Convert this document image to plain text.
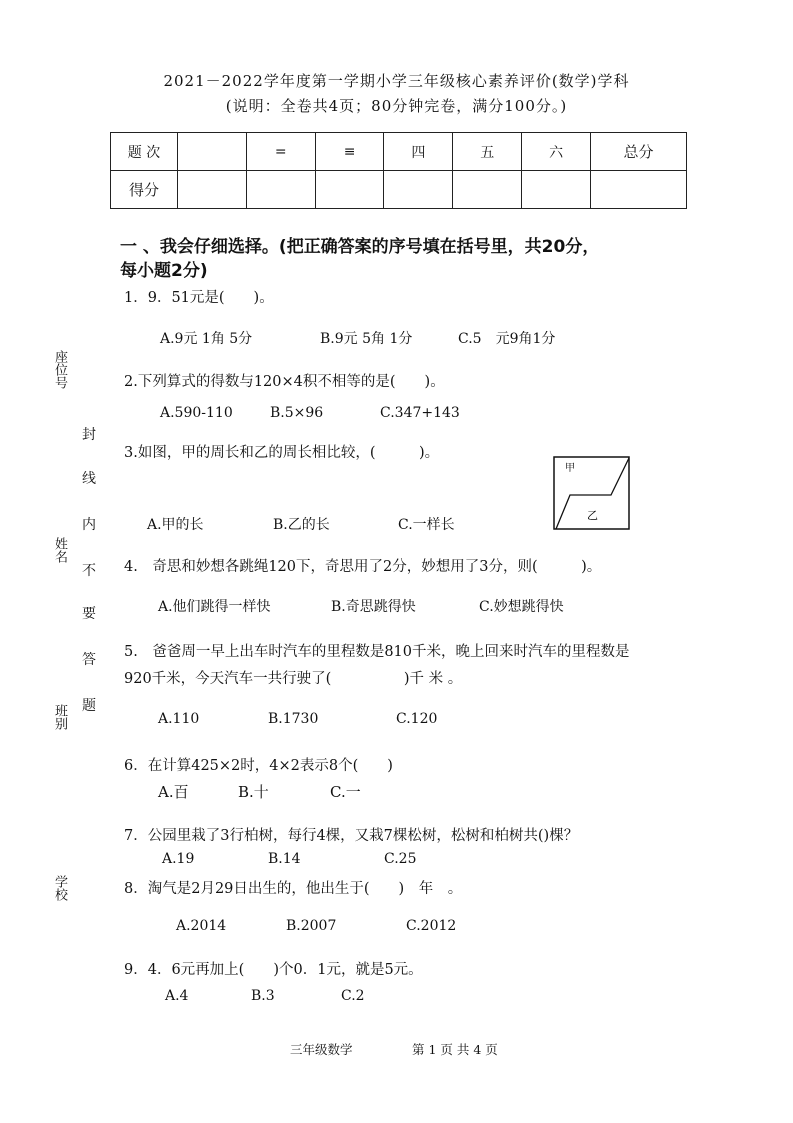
2021－2022学年度第一学期小学三年级核心素养评价(数学)学科
(说明：全卷共4页；80分钟完卷，满分100分。)
题 次		=	≡	四	五	六	总分
得分							
一 、我会仔细选择。(把正确答案的序号填在括号里，共20分，
每小题2分)
1．9．51元是(　　)。
A.9元 1角 5分	B.9元 5角 1分	C.5　元9角1分
2.下列算式的得数与120×4积不相等的是(　　)。
A.590-110	B.5×96	C.347+143
3.如图，甲的周长和乙的周长相比较，(　　　)。
A.甲的长	B.乙的长	C.一样长
甲
乙
4.　奇思和妙想各跳绳120下，奇思用了2分，妙想用了3分，则(　　　)。
A.他们跳得一样快	B.奇思跳得快	C.妙想跳得快
5.　爸爸周一早上出车时汽车的里程数是810千米，晚上回来时汽车的里程数是
920千米，今天汽车一共行驶了(　　　　　)千 米 。
A.110	B.1730	C.120
6．在计算425×2时，4×2表示8个(　　)
A.百	B.十	C.一
7．公园里栽了3行柏树，每行4棵，又栽7棵松树，松树和柏树共()棵？
A.19	B.14	C.25
8．淘气是2月29日出生的，他出生于(　　)　年　。
A.2014	B.2007	C.2012
9．4．6元再加上(　　)个0．1元，就是5元。
A.4	B.3	C.2
座位号
姓名
班别
学校
封
线
内
不
要
答
题
三年级数学	第 1 页 共 4 页
